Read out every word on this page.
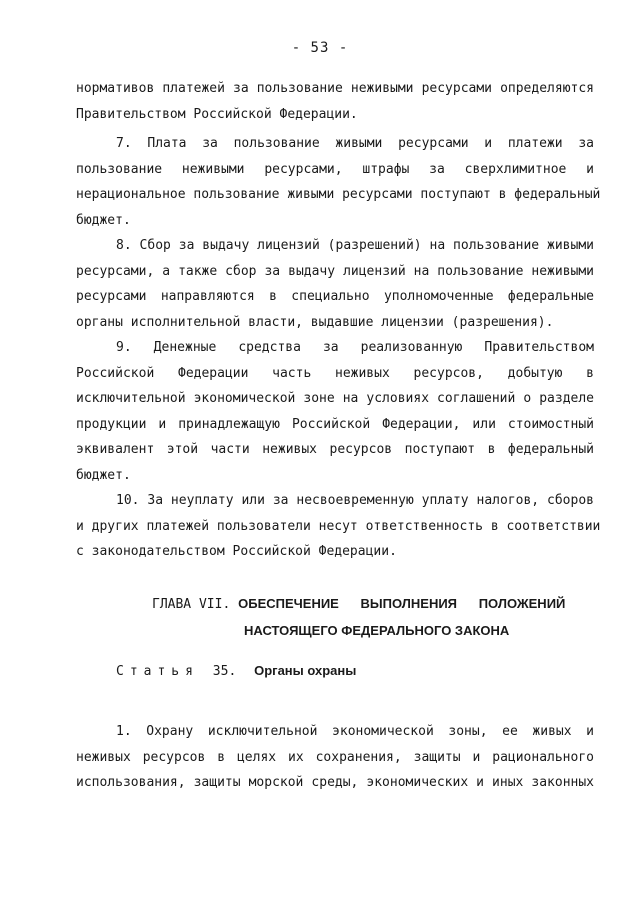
- 53 -
нормативов платежей за пользование неживыми ресурсами определяются
Правительством Российской Федерации.
7. Плата за пользование живыми ресурсами и платежи за
пользование неживыми ресурсами, штрафы за сверхлимитное и
нерациональное пользование живыми ресурсами поступают в федеральный
бюджет.
8. Сбор за выдачу лицензий (разрешений) на пользование живыми
ресурсами, а также сбор за выдачу лицензий на пользование неживыми
ресурсами направляются в специально уполномоченные федеральные
органы исполнительной власти, выдавшие лицензии (разрешения).
9. Денежные средства за реализованную Правительством
Российской Федерации часть неживых ресурсов, добытую в
исключительной экономической зоне на условиях соглашений о разделе
продукции и принадлежащую Российской Федерации, или стоимостный
эквивалент этой части неживых ресурсов поступают в федеральный
бюджет.
10. За неуплату или за несвоевременную уплату налогов, сборов
и других платежей пользователи несут ответственность в соответствии
с законодательством Российской Федерации.
ГЛАВА VII. ОБЕСПЕЧЕНИЕ      ВЫПОЛНЕНИЯ      ПОЛОЖЕНИЙ
НАСТОЯЩЕГО ФЕДЕРАЛЬНОГО ЗАКОНА
Статья 35. Органы охраны
1. Охрану исключительной экономической зоны, ее живых и
неживых ресурсов в целях их сохранения, защиты и рационального
использования, защиты морской среды, экономических и иных законных
